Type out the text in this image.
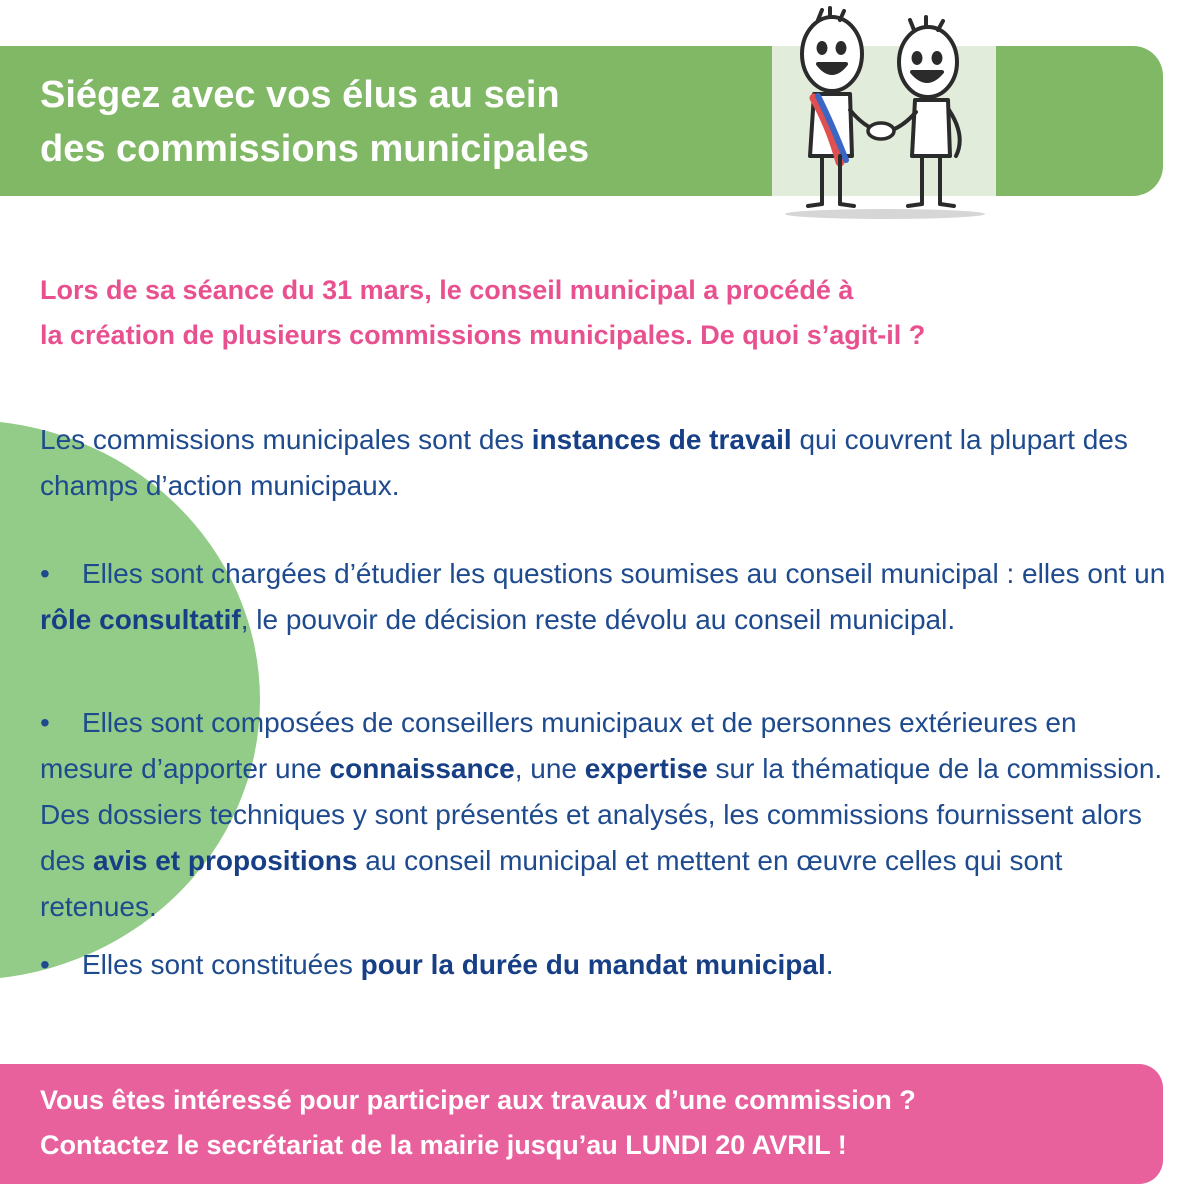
Siégez avec vos élus au sein
des commissions municipales
Lors de sa séance du 31 mars, le conseil municipal a procédé à
la création de plusieurs commissions municipales. De quoi s’agit-il ?
Les commissions municipales sont des instances de travail qui couvrent la plupart des champs d’action municipaux.
• Elles sont chargées d’étudier les questions soumises au conseil municipal : elles ont un rôle consultatif, le pouvoir de décision reste dévolu au conseil municipal.
• Elles sont composées de conseillers municipaux et de personnes extérieures en mesure d’apporter une connaissance, une expertise sur la thématique de la commission. Des dossiers techniques y sont présentés et analysés, les commissions fournissent alors des avis et propositions au conseil municipal et mettent en œuvre celles qui sont retenues.
• Elles sont constituées pour la durée du mandat municipal.
Vous êtes intéressé pour participer aux travaux d’une commission ?
Contactez le secrétariat de la mairie jusqu’au LUNDI 20 AVRIL !
